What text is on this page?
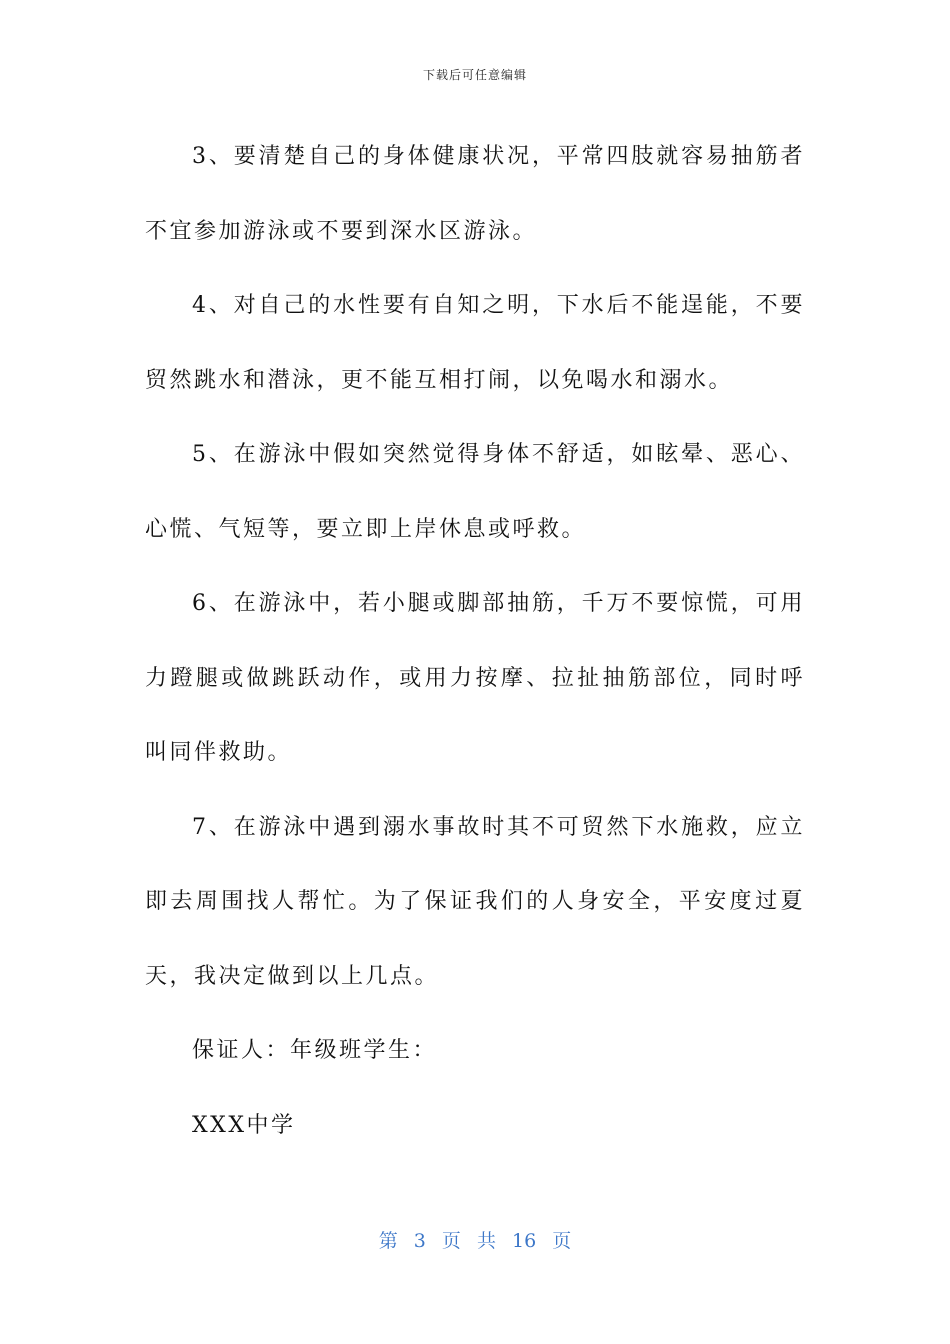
下载后可任意编辑

3、要清楚自己的身体健康状况，平常四肢就容易抽筋者不宜参加游泳或不要到深水区游泳。

4、对自己的水性要有自知之明，下水后不能逞能，不要贸然跳水和潜泳，更不能互相打闹，以免喝水和溺水。

5、在游泳中假如突然觉得身体不舒适，如眩晕、恶心、心慌、气短等，要立即上岸休息或呼救。

6、在游泳中，若小腿或脚部抽筋，千万不要惊慌，可用力蹬腿或做跳跃动作，或用力按摩、拉扯抽筋部位，同时呼叫同伴救助。

7、在游泳中遇到溺水事故时其不可贸然下水施救，应立即去周围找人帮忙。为了保证我们的人身安全，平安度过夏天，我决定做到以上几点。

保证人：年级班学生：

XXX中学

第 3 页 共 16 页
